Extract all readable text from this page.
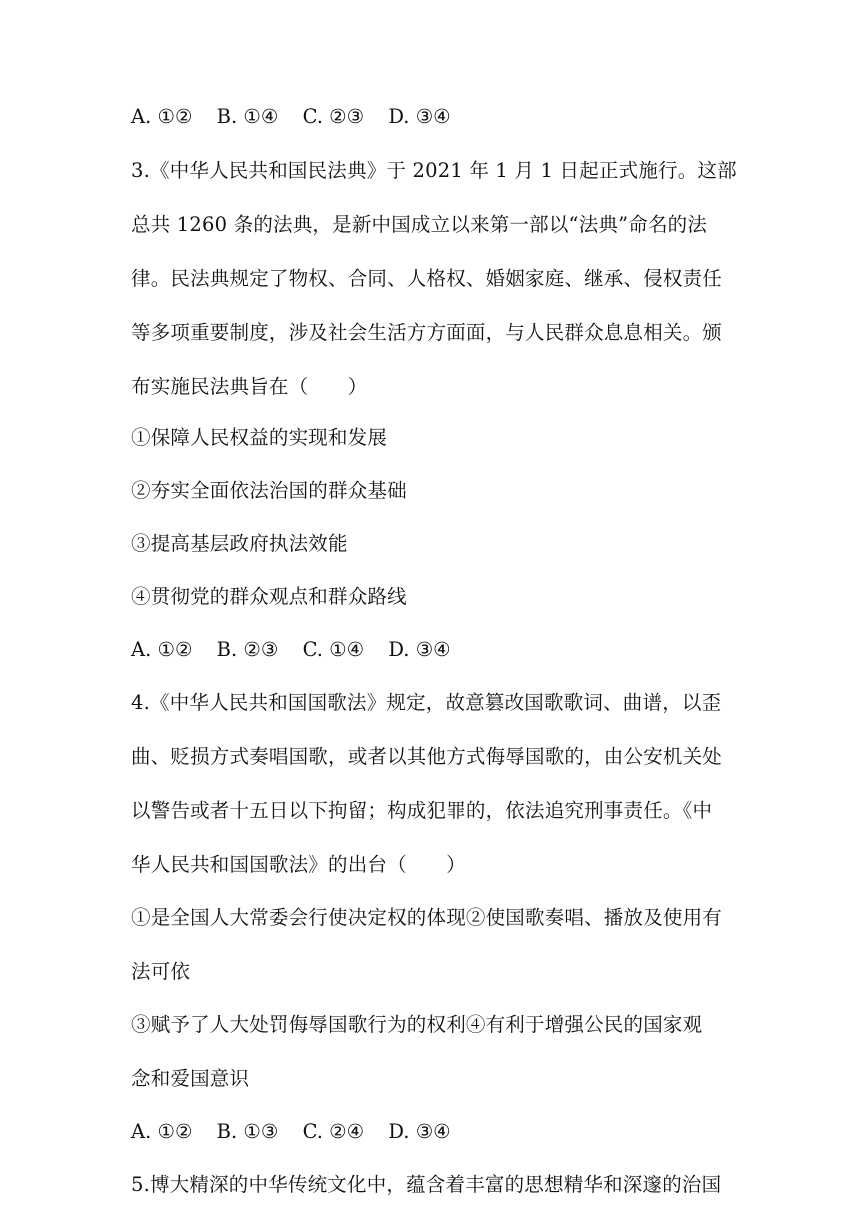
A. ①② B. ①④ C. ②③ D. ③④
3.《中华人民共和国民法典》于 2021 年 1 月 1 日起正式施行。这部
总共 1260 条的法典，是新中国成立以来第一部以“法典”命名的法
律。民法典规定了物权、合同、人格权、婚姻家庭、继承、侵权责任
等多项重要制度，涉及社会生活方方面面，与人民群众息息相关。颁
布实施民法典旨在（　　）
①保障人民权益的实现和发展
②夯实全面依法治国的群众基础
③提高基层政府执法效能
④贯彻党的群众观点和群众路线
A. ①② B. ②③ C. ①④ D. ③④
4.《中华人民共和国国歌法》规定，故意篡改国歌歌词、曲谱，以歪
曲、贬损方式奏唱国歌，或者以其他方式侮辱国歌的，由公安机关处
以警告或者十五日以下拘留；构成犯罪的，依法追究刑事责任。《中
华人民共和国国歌法》的出台（　　）
①是全国人大常委会行使决定权的体现②使国歌奏唱、播放及使用有
法可依
③赋予了人大处罚侮辱国歌行为的权利④有利于增强公民的国家观
念和爱国意识
A. ①② B. ①③ C. ②④ D. ③④
5.博大精深的中华传统文化中，蕴含着丰富的思想精华和深邃的治国
